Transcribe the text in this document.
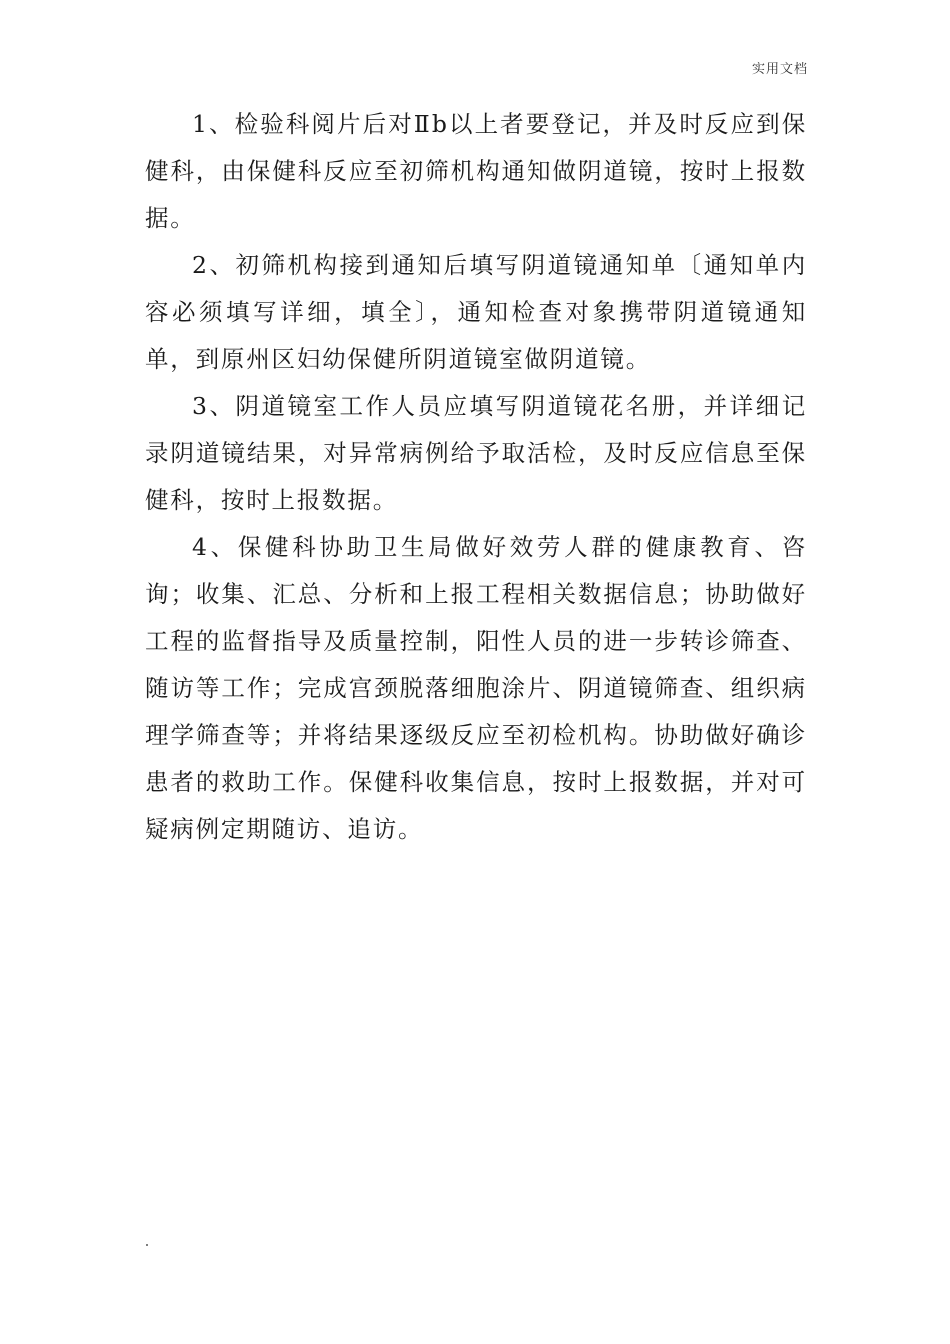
实用文档

1、检验科阅片后对Ⅱb以上者要登记，并及时反应到保健科，由保健科反应至初筛机构通知做阴道镜，按时上报数据。

2、初筛机构接到通知后填写阴道镜通知单〔通知单内容必须填写详细，填全〕，通知检查对象携带阴道镜通知单，到原州区妇幼保健所阴道镜室做阴道镜。

3、阴道镜室工作人员应填写阴道镜花名册，并详细记录阴道镜结果，对异常病例给予取活检，及时反应信息至保健科，按时上报数据。

4、保健科协助卫生局做好效劳人群的健康教育、咨询；收集、汇总、分析和上报工程相关数据信息；协助做好工程的监督指导及质量控制，阳性人员的进一步转诊筛查、随访等工作；完成宫颈脱落细胞涂片、阴道镜筛查、组织病理学筛查等；并将结果逐级反应至初检机构。协助做好确诊患者的救助工作。保健科收集信息，按时上报数据，并对可疑病例定期随访、追访。
